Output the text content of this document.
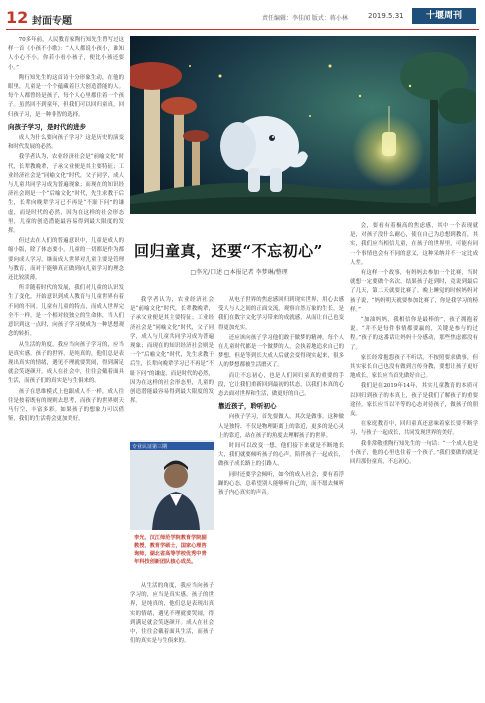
12 封面专题	责任编辑：李佳闻 版式：蒋小林	2019.5.31	十堰周刊

70多年前，人民教育家陶行知先生曾写过这样一首《小孩不小歌》：“人人都说小孩小，谁知人小心不小，你若小看小孩子，便比小孩还要小。”

陶行知先生的这首诗十分形象生动，在他的眼里，儿童是一个个蕴藏着巨大创造潜能的人。每个人都曾经是孩子，每个人心里都住着一个孩子。虽然回不到童年，但我们可以回归童真，回归孩子习，是一种非智的选择。

向孩子学习，是时代的进步

成人为什么要向孩子学习？这是历史的演变和时代发展的必然。

我学者认为，农业经济社会是“前喻文化”时代，长辈教晚辈，子承父业便是其主要特征；工业经济社会是“同喻文化”时代，父子同学，成人与儿童共同学习成为普遍现象；而现在的知识经济社会则是一个“后喻文化”时代，先生求教于后生，长辈向晚辈学习已不再是“不耻下问”的谦虚，而是时代的必然，因为在这样的社会形态里，儿童的创造潜能最容易得到最大限度的发挥。

但过去在人们的普遍意识中，儿童是成人的缩小版，除了体态要小，儿童的一切都是作为都要向成人学习，继而成人世界对儿童主要是管理与教育，而对于能够真正做到向儿童学习的理念还比较淡薄。

所幸随着时代的发展，我们对儿童的认识发生了变化，开始意识到成人教育与儿童世界有着不同的不同。儿童有儿童的特点，而成人世界完全不一样，是一个相对较独立的生命体，当人们意识到这一点时，向孩子学习便成为一种思想观念的转折。

从生活的角度，我应当向孩子学习的，应当是真实感。孩子的世界，是纯真的，他们总是表现出真实的情绪，遇见不理就要哭闹，得到满足就会笑逐颜开。成人在社会中，往往会戴着面具生活，而孩子们的真实是与生俱来的。

孩子在思维模式上也跟成人不一样，成人往往是按着既有的规则去思考，而孩子的世界则天马行空、丰富多彩。如果孩子的想象力可以借鉴，我们的生活将会更加美好。

回归童真，还要“不忘初心”
□李光/口述 □本报记者 李梦琳/整理

会，要看有着极高的焦虑感，其中一个表现就是，对孩子没什么耐心，使在自己为总想到教育，其实，我们应当相信儿童，在孩子的世界里，可能有同一个事情也会有不同的意义，这种采纳并不一定比成人差。

有这样一个故事，有妈妈去参加一个比赛，当时就想一定要做个名次，结果孩子赶到时，竟说到最后了几天，第二天就要比赛了。晚上睡觉的时候妈妈对孩子说，“妈妈明天就要参加比赛了，你是我学习的榜样。”

“加油妈妈，我相信你是最棒的”，孩子拥抱着说。“并不是每件事情都要赢的，关键是参与的过程。”孩子的这番话让妈妈十分感动，那些焦虑都没有了。

家长经常抱怨孩子不听话，不按照要求做事，但其实家长自己也没有做到言传身教，要想让孩子更好地成长，家长应当首先做好自己。

我们是在2019年14年，其实儿童教育的本质可以回归到孩子的本真上，孩子是我们了解孩子的重要途径，家长应当以平等的心态对待孩子，做孩子的朋友。

在家庭教育中，回归童真还意味着家长要不断学习，与孩子一起成长，共同发现世界的美好。

我非常敬重陶行知先生的一句话：“一个成人也是小孩子，他的心里也住着一个孩子。”我们要做的就是回归那份童真，不忘初心。

专业认证第三期
李光，汉江师范学院教育学院副教授、教育学硕士，国家心理咨询师，湖北省高等学校优秀中青年科技创新团队核心成员。

从电子世界的焦虑感回归到现实世界，用心去感受人与人之间的正面交流，观察自然万象的生长，是我们在数字文化学习带来的成就感，从而让自己也变得更加充实。

还应该向孩子学习他们敢于做梦的精神。每个人在儿童时代都是一个做梦的人，会执着地追求自己的梦想，但是等到长大成人后就会变得现实起来，很多人的梦想都被生活磨灭了。

而让不忘初心，也是人们回归童真的重要的手段，它让我们重新回到最初的状态，以我们本真的心态去面对世界和生活，做更好的自己。

靠近孩子，聆听初心

向孩子学习，首先要做人，其次是做事。这种做人是独特、不仅是物理距离上的靠近，更多的是心灵上的靠近，站在孩子的角度去理解孩子的世界。

时间可以改变一想，他们接下来就是不断地长大，我们就要倾听孩子的心声，陪伴孩子一起成长，做孩子成长路上的引路人。

同时还要学会倾听，如今的成人社会，要有着浮躁的心态，总希望别人能够听自己的，而不愿去倾听孩子内心真实的声音。

我学者认为，农业经济社会是“前喻文化”时代，长辈教晚辈，子承父业便是其主要特征；工业经济社会是“同喻文化”时代，父子同学，成人与儿童共同学习成为普遍现象；而现在的知识经济社会则是一个“后喻文化”时代，先生求教于后生，长辈向晚辈学习已不再是“不耻下问”的谦虚，而是时代的必然，因为在这样的社会形态里，儿童的创造潜能最容易得到最大限度的发挥。

从生活的角度，我应当向孩子学习的，应当是真实感。孩子的世界，是纯真的，他们总是表现出真实的情绪，遇见不理就要哭闹，得到满足就会笑逐颜开。成人在社会中，往往会戴着面具生活，而孩子们的真实是与生俱来的。
